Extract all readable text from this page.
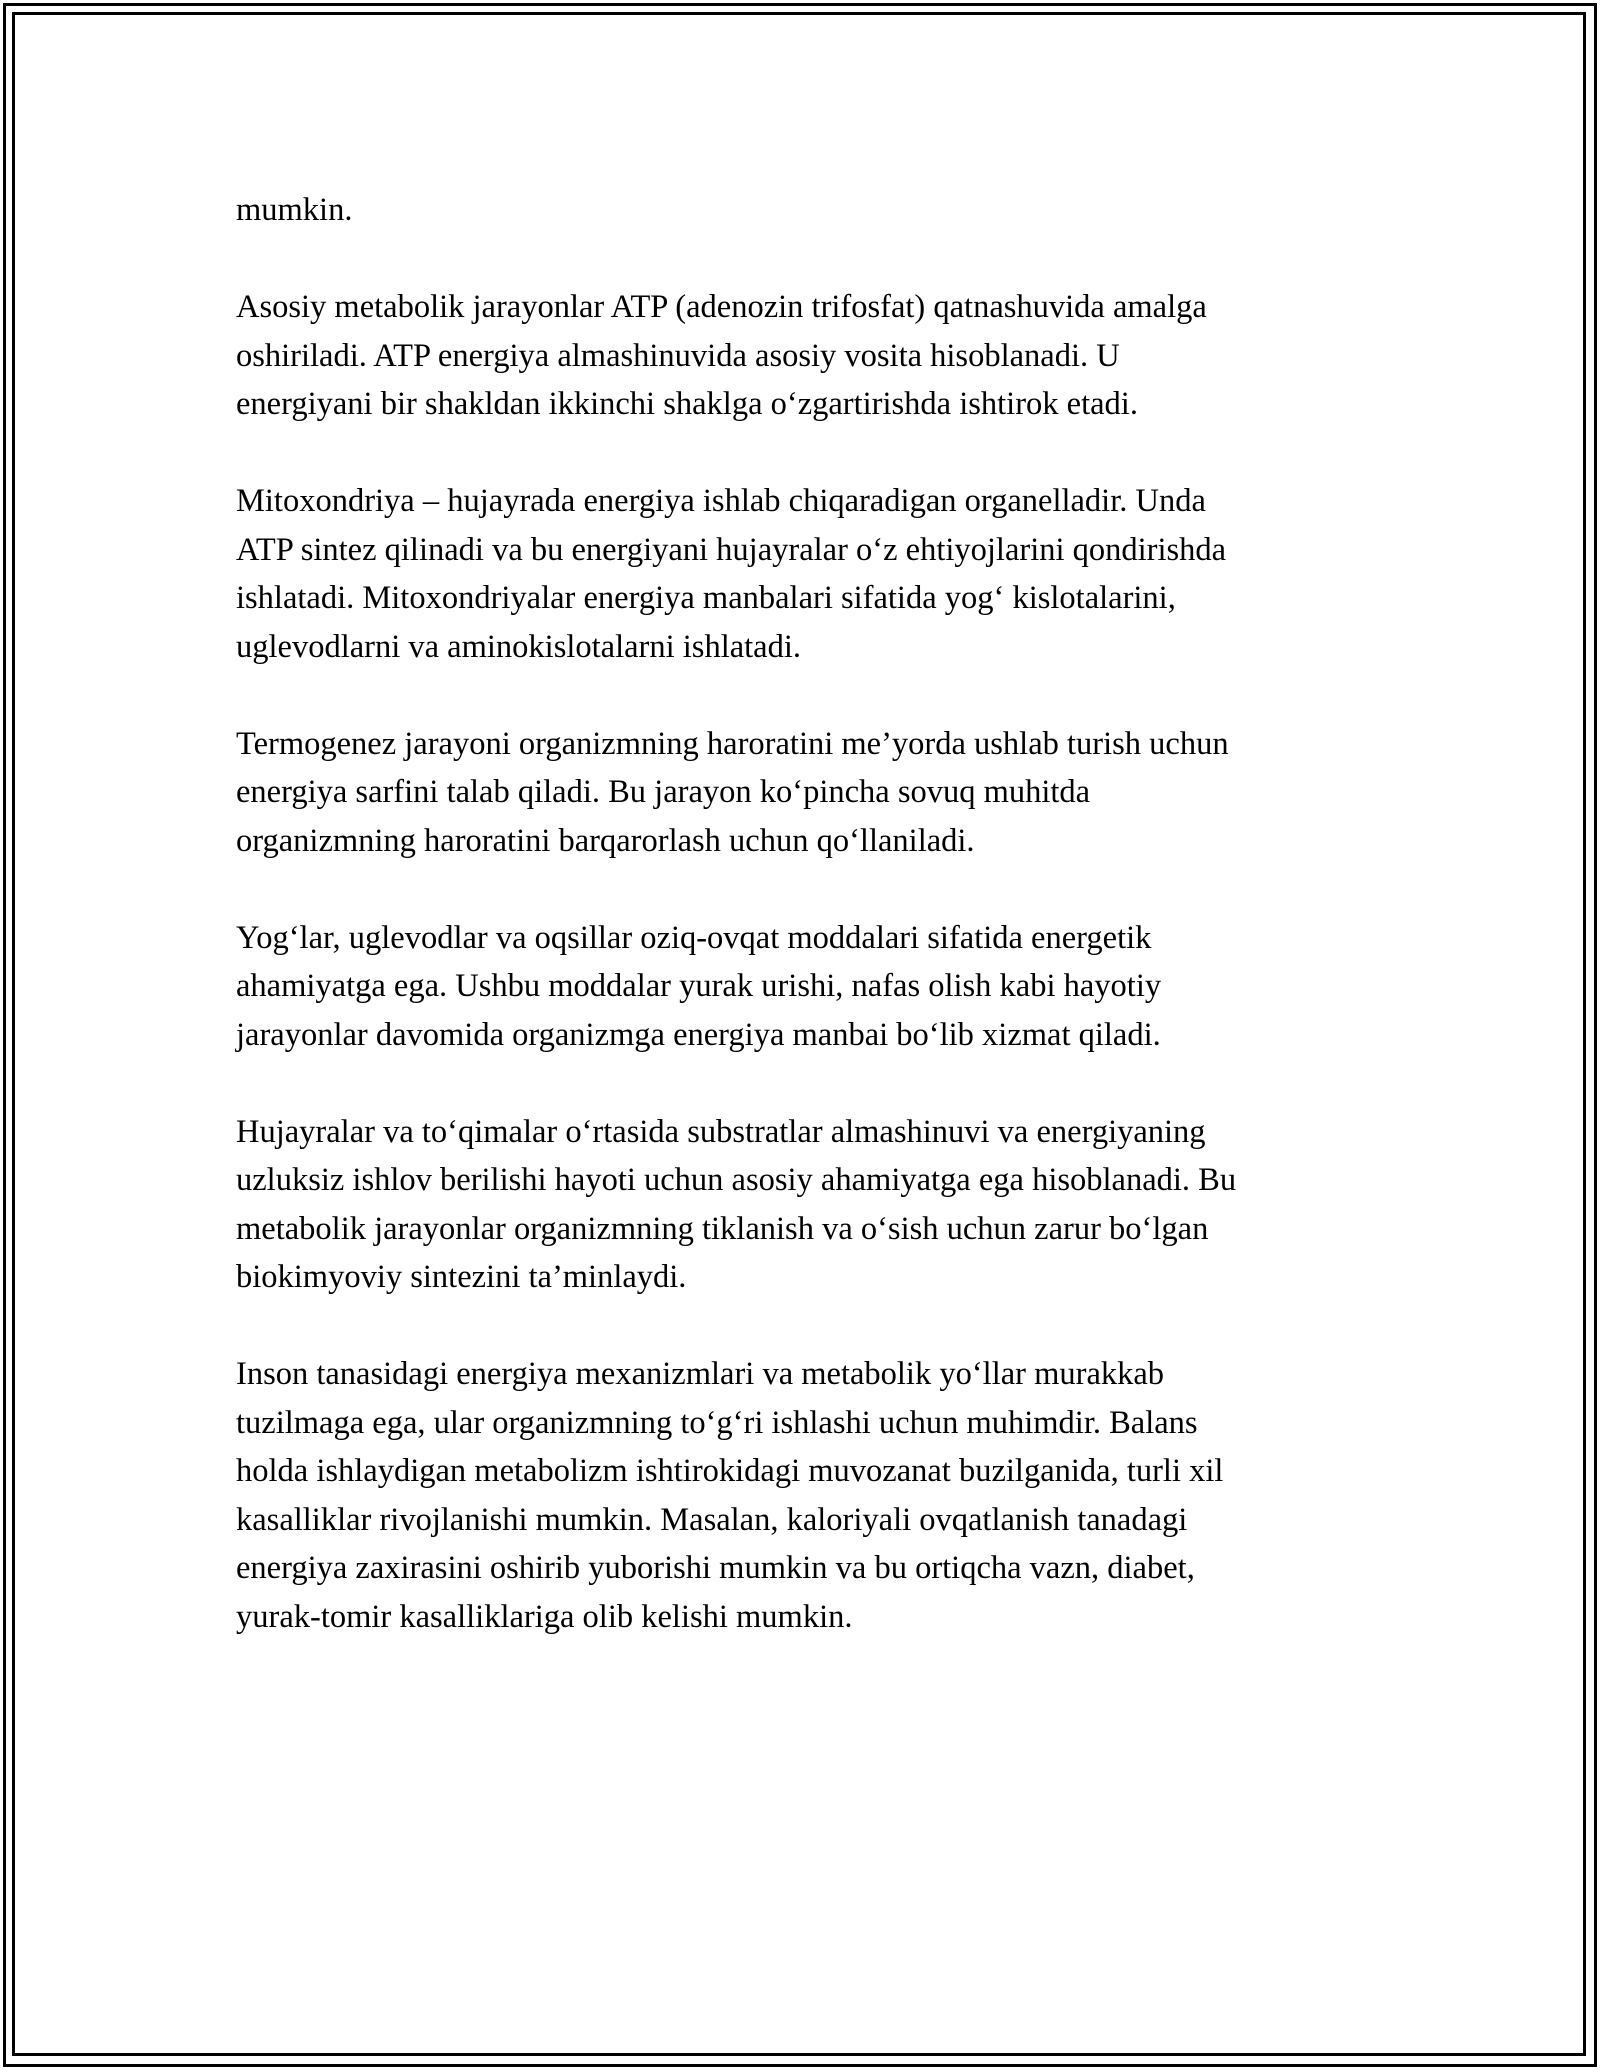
mumkin.

Asosiy metabolik jarayonlar ATP (adenozin trifosfat) qatnashuvida amalga
oshiriladi. ATP energiya almashinuvida asosiy vosita hisoblanadi. U
energiyani bir shakldan ikkinchi shaklga o‘zgartirishda ishtirok etadi.

Mitoxondriya – hujayrada energiya ishlab chiqaradigan organelladir. Unda
ATP sintez qilinadi va bu energiyani hujayralar o‘z ehtiyojlarini qondirishda
ishlatadi. Mitoxondriyalar energiya manbalari sifatida yog‘ kislotalarini,
uglevodlarni va aminokislotalarni ishlatadi.

Termogenez jarayoni organizmning haroratini me’yorda ushlab turish uchun
energiya sarfini talab qiladi. Bu jarayon ko‘pincha sovuq muhitda
organizmning haroratini barqarorlash uchun qo‘llaniladi.

Yog‘lar, uglevodlar va oqsillar oziq-ovqat moddalari sifatida energetik
ahamiyatga ega. Ushbu moddalar yurak urishi, nafas olish kabi hayotiy
jarayonlar davomida organizmga energiya manbai bo‘lib xizmat qiladi.

Hujayralar va to‘qimalar o‘rtasida substratlar almashinuvi va energiyaning
uzluksiz ishlov berilishi hayoti uchun asosiy ahamiyatga ega hisoblanadi. Bu
metabolik jarayonlar organizmning tiklanish va o‘sish uchun zarur bo‘lgan
biokimyoviy sintezini ta’minlaydi.

Inson tanasidagi energiya mexanizmlari va metabolik yo‘llar murakkab
tuzilmaga ega, ular organizmning to‘g‘ri ishlashi uchun muhimdir. Balans
holda ishlaydigan metabolizm ishtirokidagi muvozanat buzilganida, turli xil
kasalliklar rivojlanishi mumkin. Masalan, kaloriyali ovqatlanish tanadagi
energiya zaxirasini oshirib yuborishi mumkin va bu ortiqcha vazn, diabet,
yurak-tomir kasalliklariga olib kelishi mumkin.
